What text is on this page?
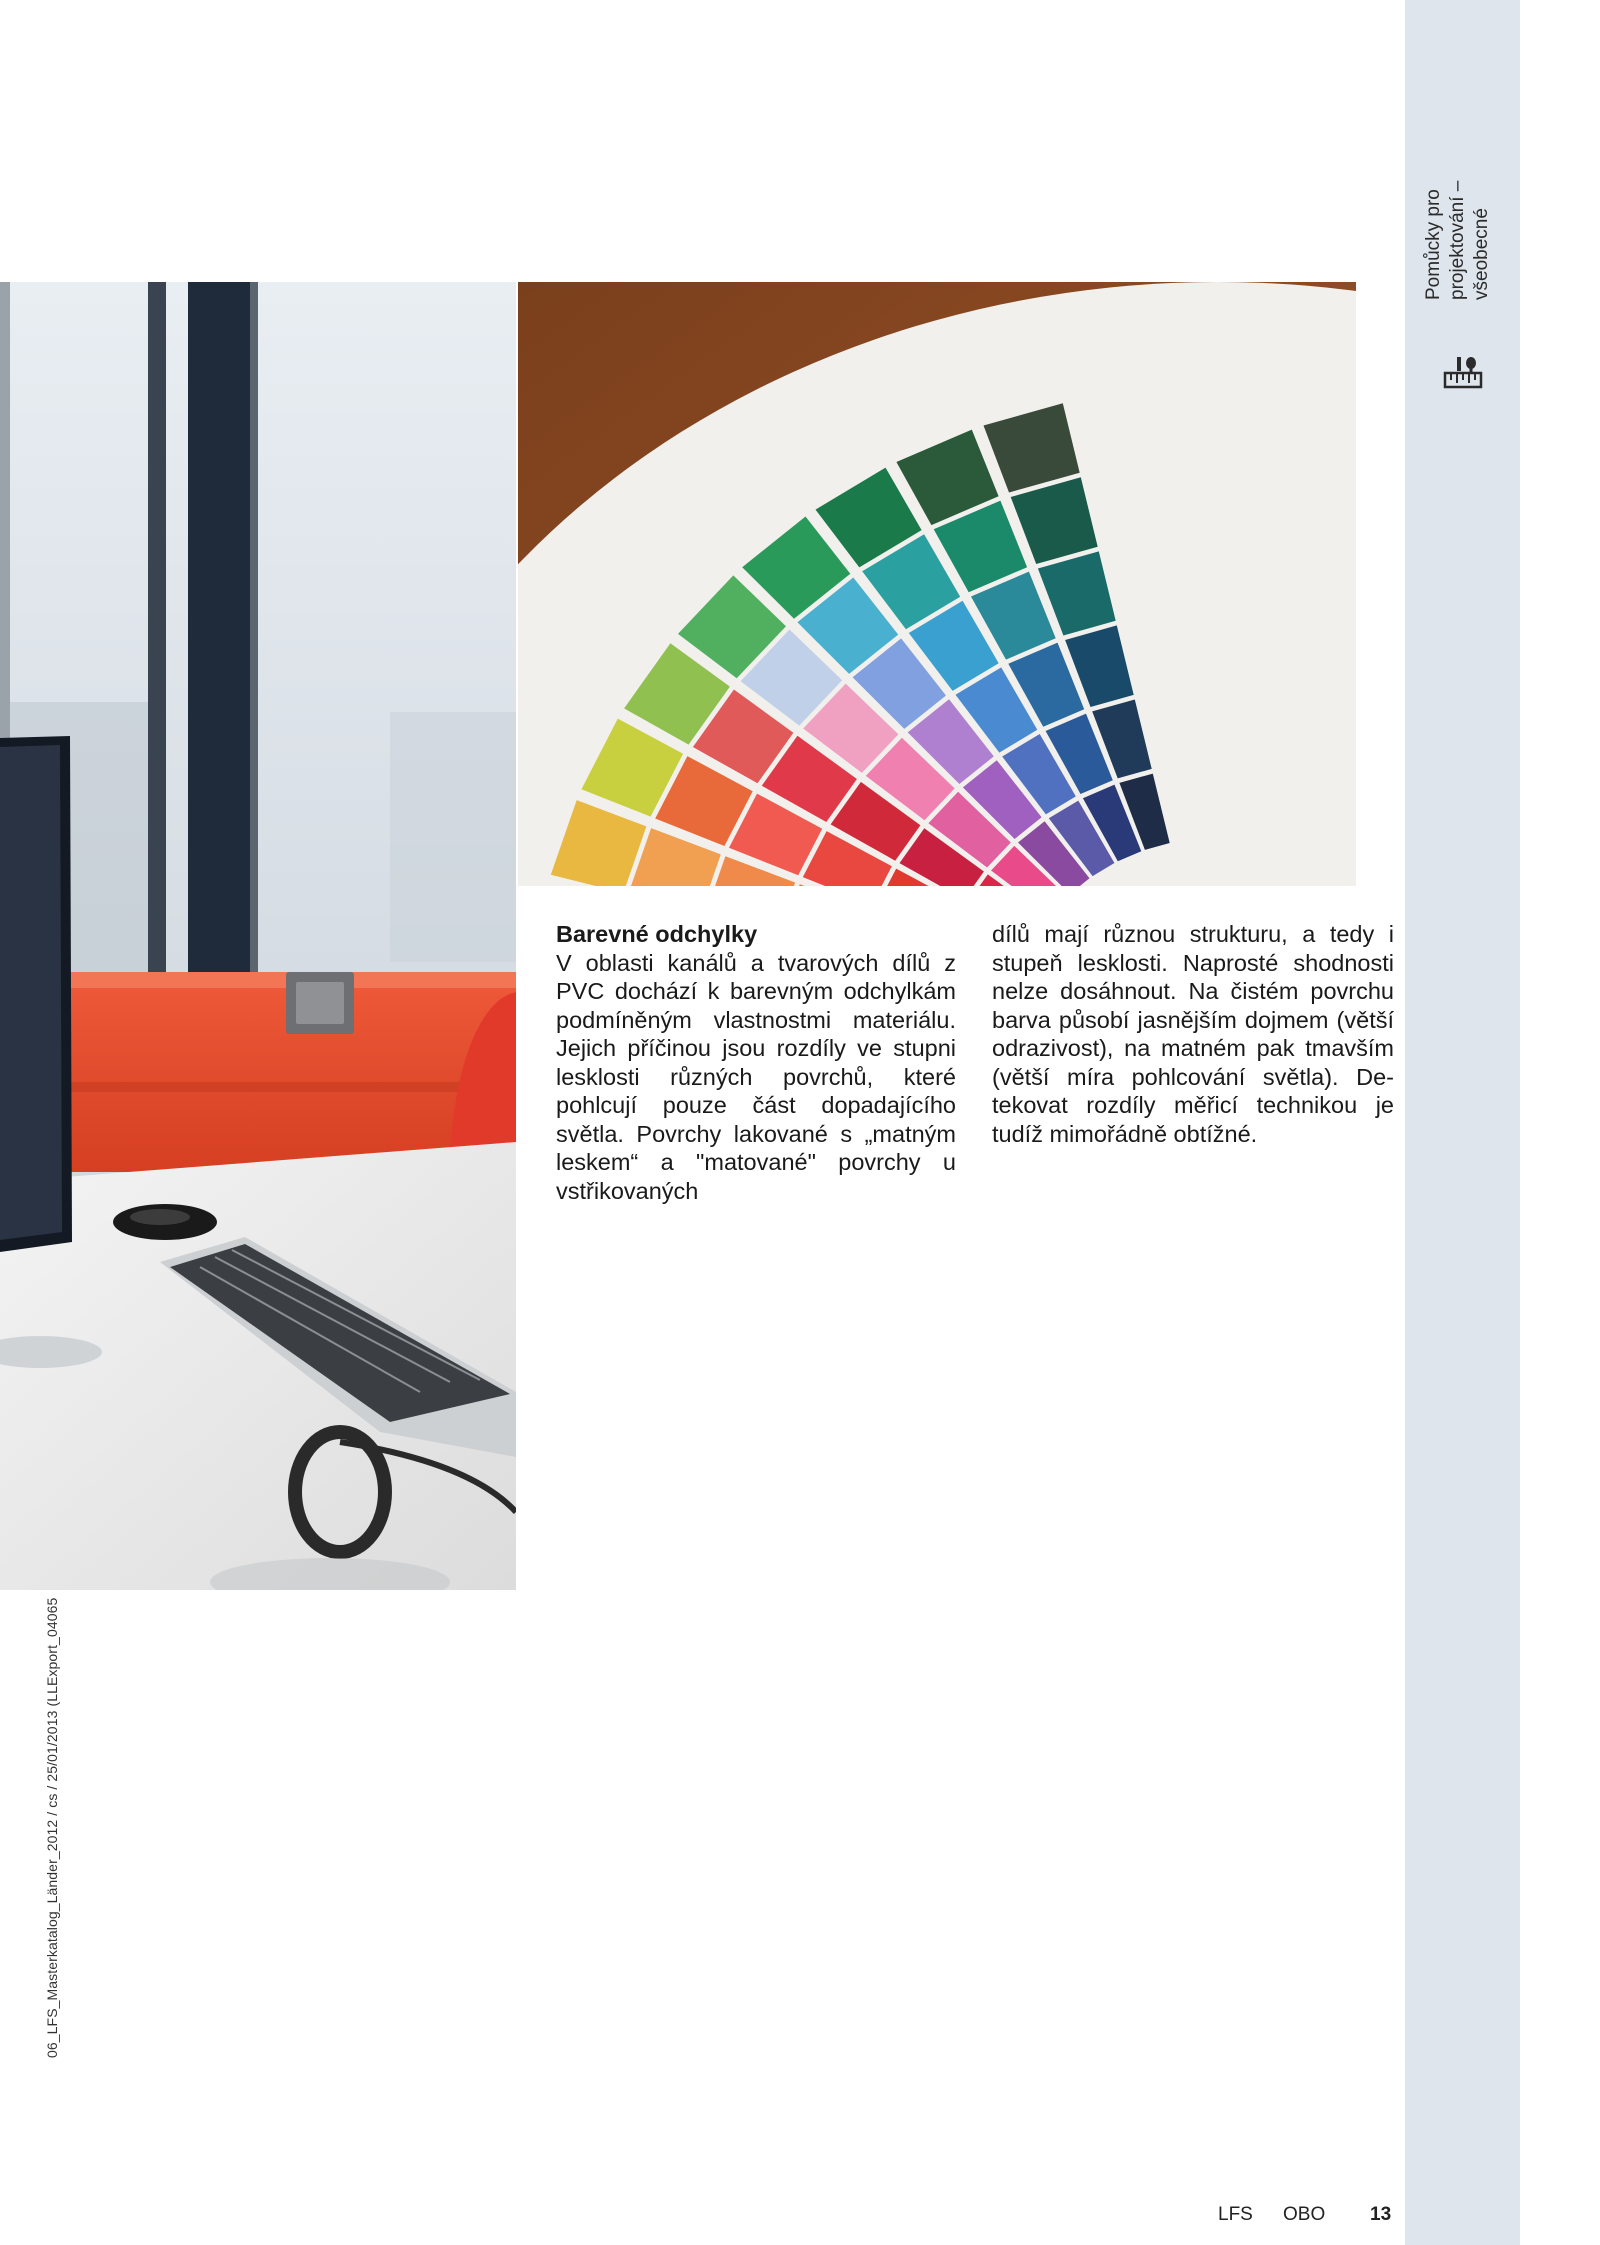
Pomůcky pro projektování – všeobecné
06_LFS_Masterkatalog_Länder_2012 / cs / 25/01/2013 (LLExport_04065
Barevné odchylky
V oblasti kanálů a tvarových dílů z PVC dochází k barevným odchylkám podmíněným vlastnostmi materiálu. Jejich příčinou jsou rozdíly ve stupni lesklosti různých povrchů, které pohlcují pouze část dopadajícího světla. Povrchy lakované s „matným leskem“ a "matované" povrchy u vstřikovaných
dílů mají různou strukturu, a tedy i stupeň lesklosti. Naprosté shodnosti nelze dosáhnout. Na čistém povrchu barva působí jasnějším dojmem (větší odrazivost), na matném pak tmavším (větší míra pohlcování světla). Detekovat rozdíly měřicí technikou je tudíž mimořádně obtížné.
LFS OBO 13
